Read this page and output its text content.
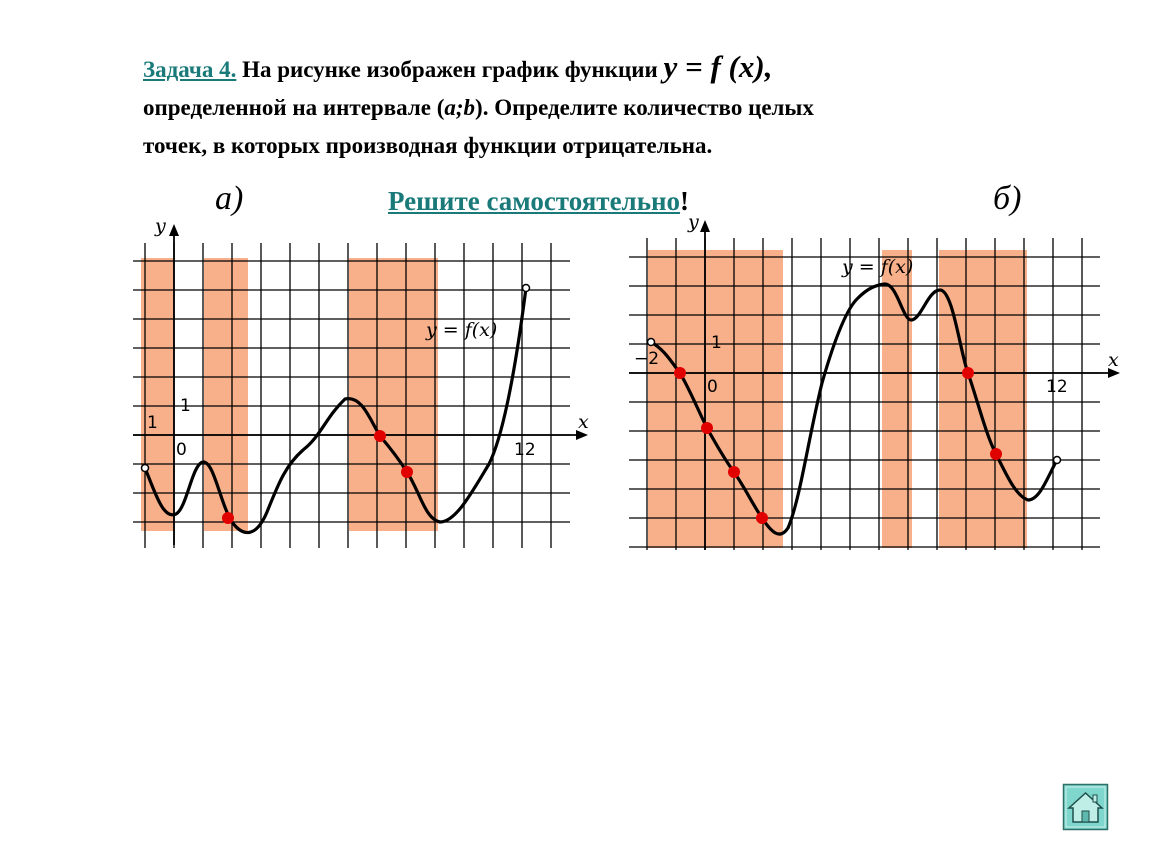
Задача 4. На рисунке изображен график функции y = f (x),
определенной на интервале (a;b). Определите количество целых
точек, в которых производная функции отрицательна.
а)	б)
Решите самостоятельно!
x
y
0
1
1
12
y = f(x)
x
y
0
1
−2
12
y = f(x)
